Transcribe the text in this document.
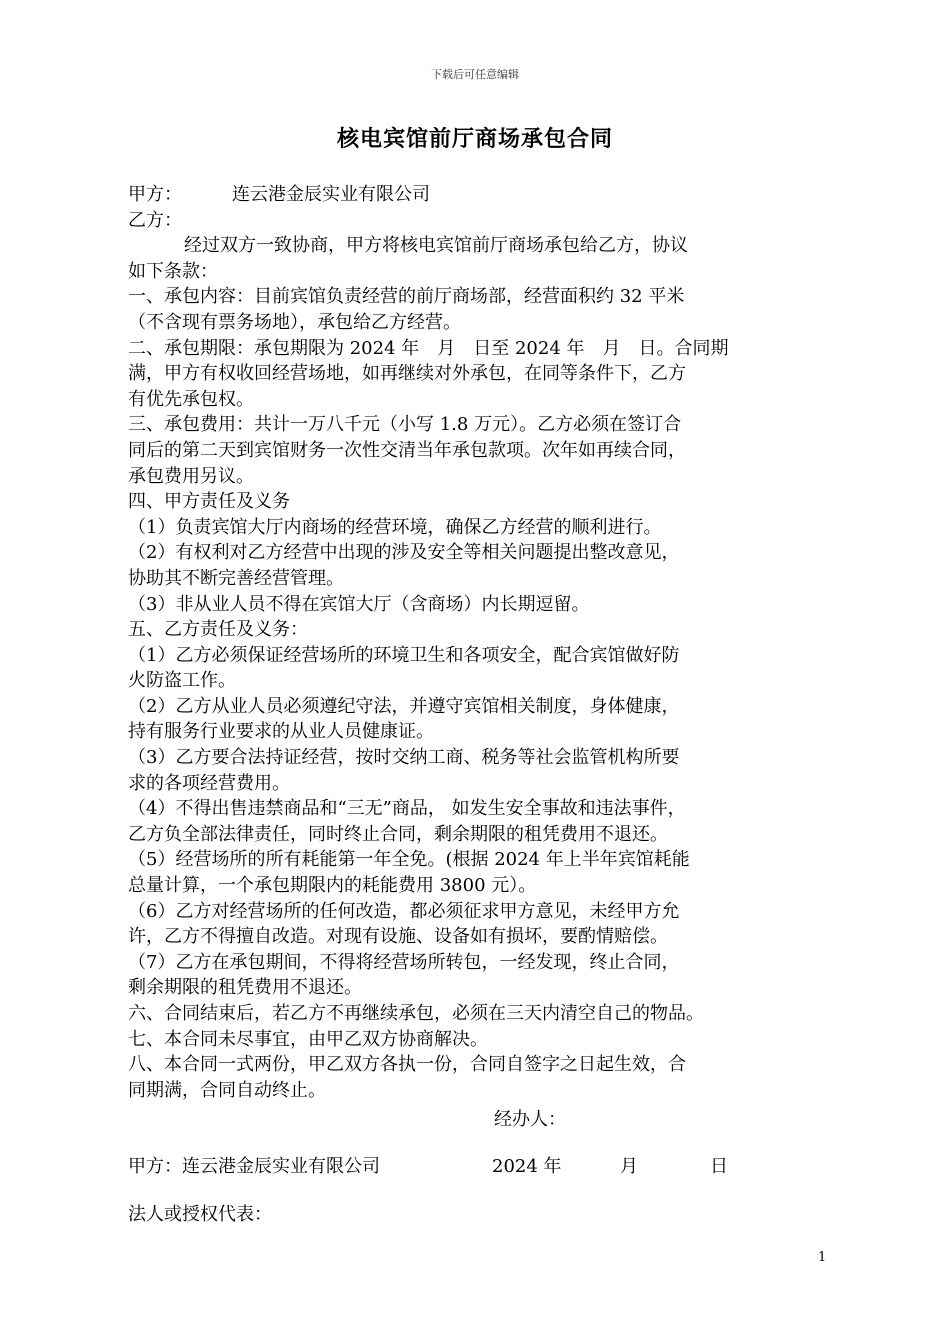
下载后可任意编辑
核电宾馆前厅商场承包合同
甲方：	连云港金辰实业有限公司
乙方：
经过双方一致协商，甲方将核电宾馆前厅商场承包给乙方，协议
如下条款：
一、承包内容：目前宾馆负责经营的前厅商场部，经营面积约 32 平米
（不含现有票务场地），承包给乙方经营。
二、承包期限：承包期限为 2024 年　月　日至 2024 年　月　日。合同期
满，甲方有权收回经营场地，如再继续对外承包，在同等条件下，乙方
有优先承包权。
三、承包费用：共计一万八千元（小写 1.8 万元）。乙方必须在签订合
同后的第二天到宾馆财务一次性交清当年承包款项。次年如再续合同，
承包费用另议。
四、甲方责任及义务
（1）负责宾馆大厅内商场的经营环境，确保乙方经营的顺利进行。
（2）有权利对乙方经营中出现的涉及安全等相关问题提出整改意见，
协助其不断完善经营管理。
（3）非从业人员不得在宾馆大厅（含商场）内长期逗留。
五、乙方责任及义务：
（1）乙方必须保证经营场所的环境卫生和各项安全，配合宾馆做好防
火防盗工作。
（2）乙方从业人员必须遵纪守法，并遵守宾馆相关制度，身体健康，
持有服务行业要求的从业人员健康证。
（3）乙方要合法持证经营，按时交纳工商、税务等社会监管机构所要
求的各项经营费用。
（4）不得出售违禁商品和“三无”商品， 如发生安全事故和违法事件，
乙方负全部法律责任，同时终止合同，剩余期限的租凭费用不退还。
（5）经营场所的所有耗能第一年全免。(根据 2024 年上半年宾馆耗能
总量计算，一个承包期限内的耗能费用 3800 元）。
（6）乙方对经营场所的任何改造，都必须征求甲方意见，未经甲方允
许，乙方不得擅自改造。对现有设施、设备如有损坏，要酌情赔偿。
（7）乙方在承包期间，不得将经营场所转包，一经发现，终止合同，
剩余期限的租凭费用不退还。
六、合同结束后，若乙方不再继续承包，必须在三天内清空自己的物品。
七、本合同未尽事宜，由甲乙双方协商解决。
八、本合同一式两份，甲乙双方各执一份，合同自签字之日起生效，合
同期满，合同自动终止。
经办人：
甲方：连云港金辰实业有限公司	2024 年	月	日
法人或授权代表：
1
